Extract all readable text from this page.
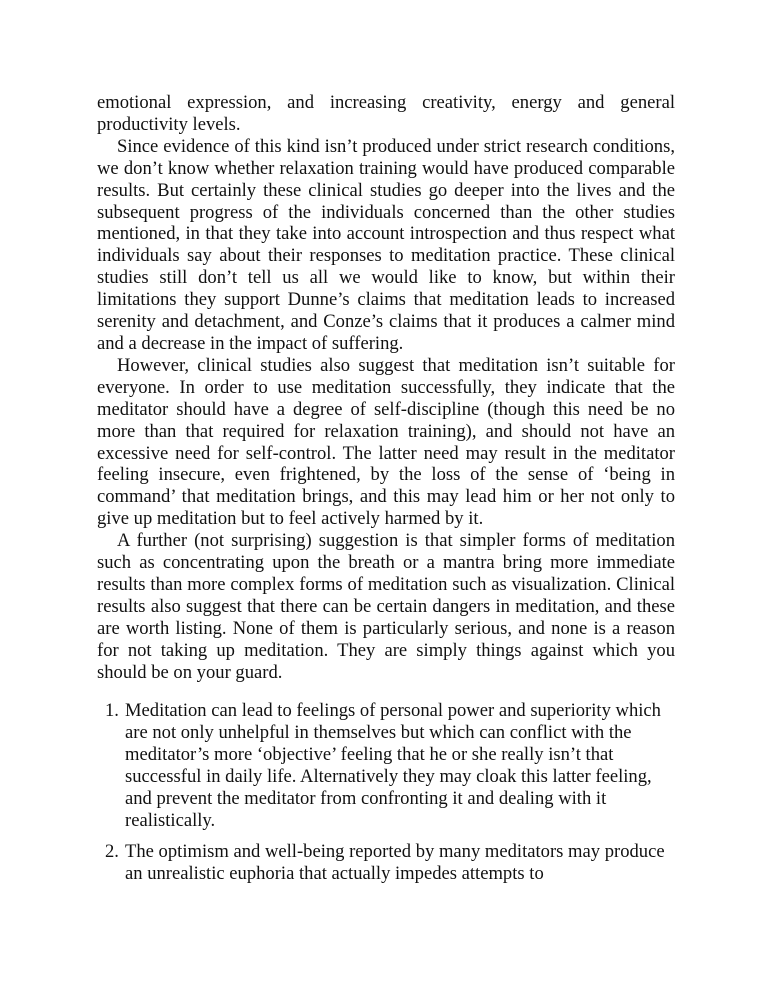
emotional expression, and increasing creativity, energy and general productivity levels.

Since evidence of this kind isn’t produced under strict research conditions, we don’t know whether relaxation training would have produced comparable results. But certainly these clinical studies go deeper into the lives and the subsequent progress of the individuals concerned than the other studies mentioned, in that they take into account introspection and thus respect what individuals say about their responses to meditation practice. These clinical studies still don’t tell us all we would like to know, but within their limitations they support Dunne’s claims that meditation leads to increased serenity and detachment, and Conze’s claims that it produces a calmer mind and a decrease in the impact of suffering.

However, clinical studies also suggest that meditation isn’t suitable for everyone. In order to use meditation successfully, they indicate that the meditator should have a degree of self-discipline (though this need be no more than that required for relaxation training), and should not have an excessive need for self-control. The latter need may result in the meditator feeling insecure, even frightened, by the loss of the sense of ‘being in command’ that meditation brings, and this may lead him or her not only to give up meditation but to feel actively harmed by it.

A further (not surprising) suggestion is that simpler forms of meditation such as concentrating upon the breath or a mantra bring more immediate results than more complex forms of meditation such as visualization. Clinical results also suggest that there can be certain dangers in meditation, and these are worth listing. None of them is particularly serious, and none is a reason for not taking up meditation. They are simply things against which you should be on your guard.

1. Meditation can lead to feelings of personal power and superiority which are not only unhelpful in themselves but which can conflict with the meditator’s more ‘objective’ feeling that he or she really isn’t that successful in daily life. Alternatively they may cloak this latter feeling, and prevent the meditator from confronting it and dealing with it realistically.
2. The optimism and well-being reported by many meditators may produce an unrealistic euphoria that actually impedes attempts to
